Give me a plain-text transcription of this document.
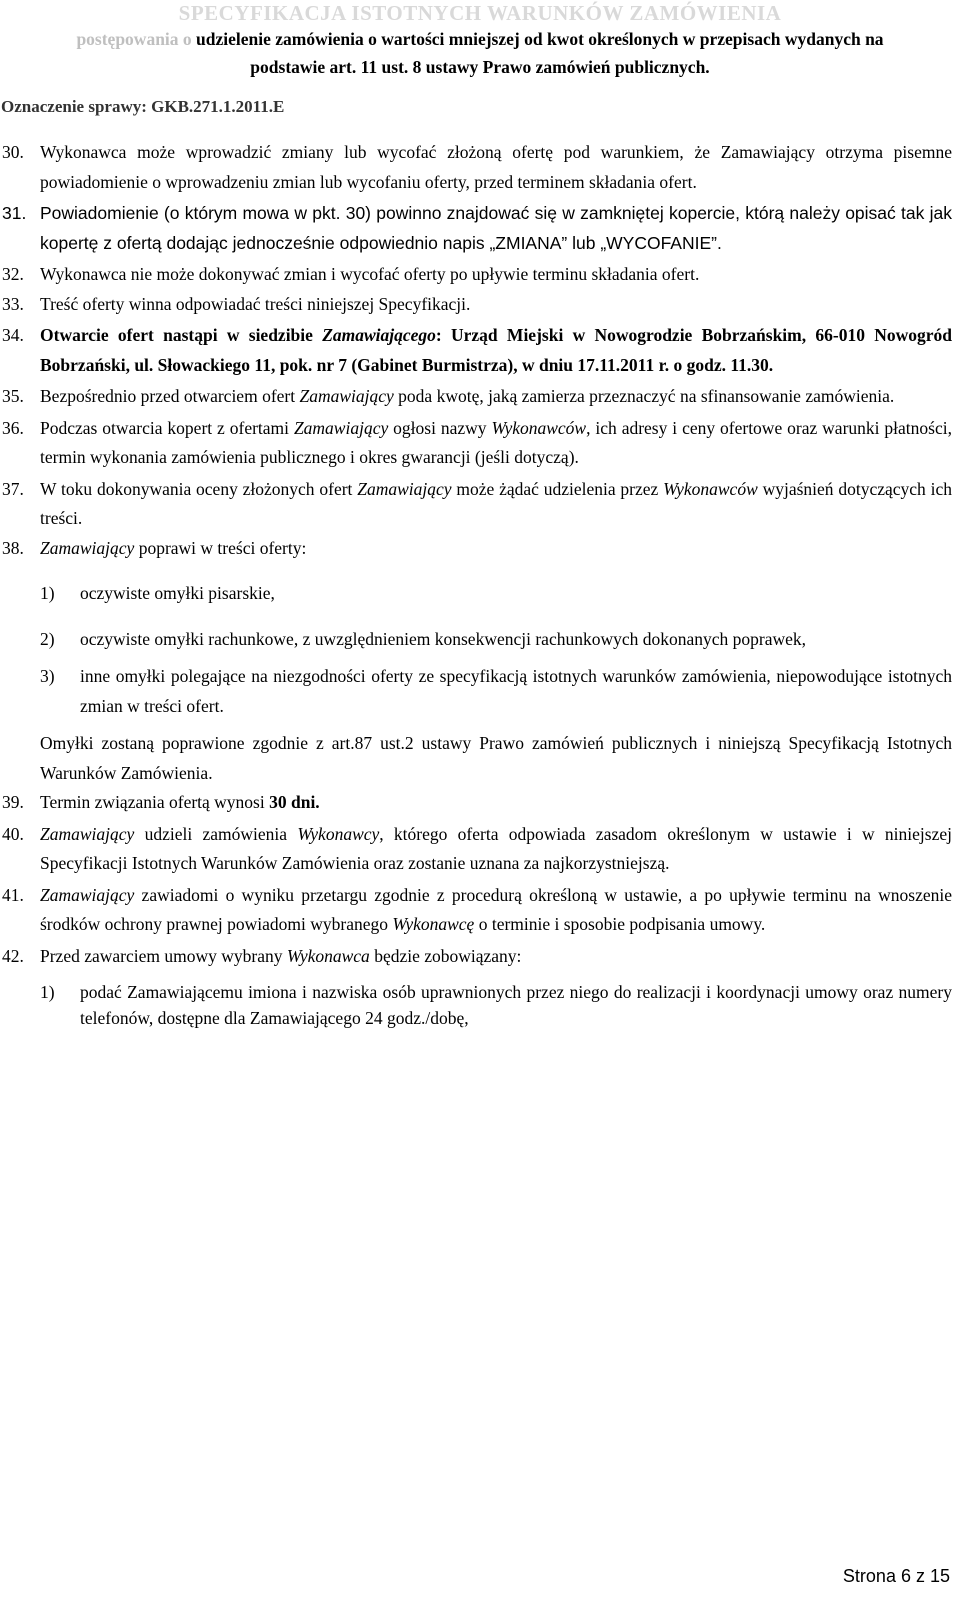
SPECYFIKACJA ISTOTNYCH WARUNKÓW ZAMÓWIENIA
postępowania o udzielenie zamówienia o wartości mniejszej od kwot określonych w przepisach wydanych na
podstawie art. 11 ust. 8 ustawy Prawo zamówień publicznych.
Oznaczenie sprawy: GKB.271.1.2011.E
30. Wykonawca może wprowadzić zmiany lub wycofać złożoną ofertę pod warunkiem, że Zamawiający otrzyma pisemne powiadomienie o wprowadzeniu zmian lub wycofaniu oferty, przed terminem składania ofert.
31. Powiadomienie (o którym mowa w pkt. 30) powinno znajdować się w zamkniętej kopercie, którą należy opisać tak jak kopertę z ofertą dodając jednocześnie odpowiednio napis „ZMIANA” lub „WYCOFANIE”.
32. Wykonawca nie może dokonywać zmian i wycofać oferty po upływie terminu składania ofert.
33. Treść oferty winna odpowiadać treści niniejszej Specyfikacji.
34. Otwarcie ofert nastąpi w siedzibie Zamawiającego: Urząd Miejski w Nowogrodzie Bobrzańskim, 66-010 Nowogród Bobrzański, ul. Słowackiego 11, pok. nr 7 (Gabinet Burmistrza), w dniu 17.11.2011 r. o godz. 11.30.
35. Bezpośrednio przed otwarciem ofert Zamawiający poda kwotę, jaką zamierza przeznaczyć na sfinansowanie zamówienia.
36. Podczas otwarcia kopert z ofertami Zamawiający ogłosi nazwy Wykonawców, ich adresy i ceny ofertowe oraz warunki płatności, termin wykonania zamówienia publicznego i okres gwarancji (jeśli dotyczą).
37. W toku dokonywania oceny złożonych ofert Zamawiający może żądać udzielenia przez Wykonawców wyjaśnień dotyczących ich treści.
38. Zamawiający poprawi w treści oferty:
1) oczywiste omyłki pisarskie,
2) oczywiste omyłki rachunkowe, z uwzględnieniem konsekwencji rachunkowych dokonanych poprawek,
3) inne omyłki polegające na niezgodności oferty ze specyfikacją istotnych warunków zamówienia, niepowodujące istotnych zmian w treści ofert.
Omyłki zostaną poprawione zgodnie z art.87 ust.2 ustawy Prawo zamówień publicznych i niniejszą Specyfikacją Istotnych Warunków Zamówienia.
39. Termin związania ofertą wynosi 30 dni.
40. Zamawiający udzieli zamówienia Wykonawcy, którego oferta odpowiada zasadom określonym w ustawie i w niniejszej Specyfikacji Istotnych Warunków Zamówienia oraz zostanie uznana za najkorzystniejszą.
41. Zamawiający zawiadomi o wyniku przetargu zgodnie z procedurą określoną w ustawie, a po upływie terminu na wnoszenie środków ochrony prawnej powiadomi wybranego Wykonawcę o terminie i sposobie podpisania umowy.
42. Przed zawarciem umowy wybrany Wykonawca będzie zobowiązany:
1) podać Zamawiającemu imiona i nazwiska osób uprawnionych przez niego do realizacji i koordynacji umowy oraz numery telefonów, dostępne dla Zamawiającego 24 godz./dobę,
Strona 6 z 15
